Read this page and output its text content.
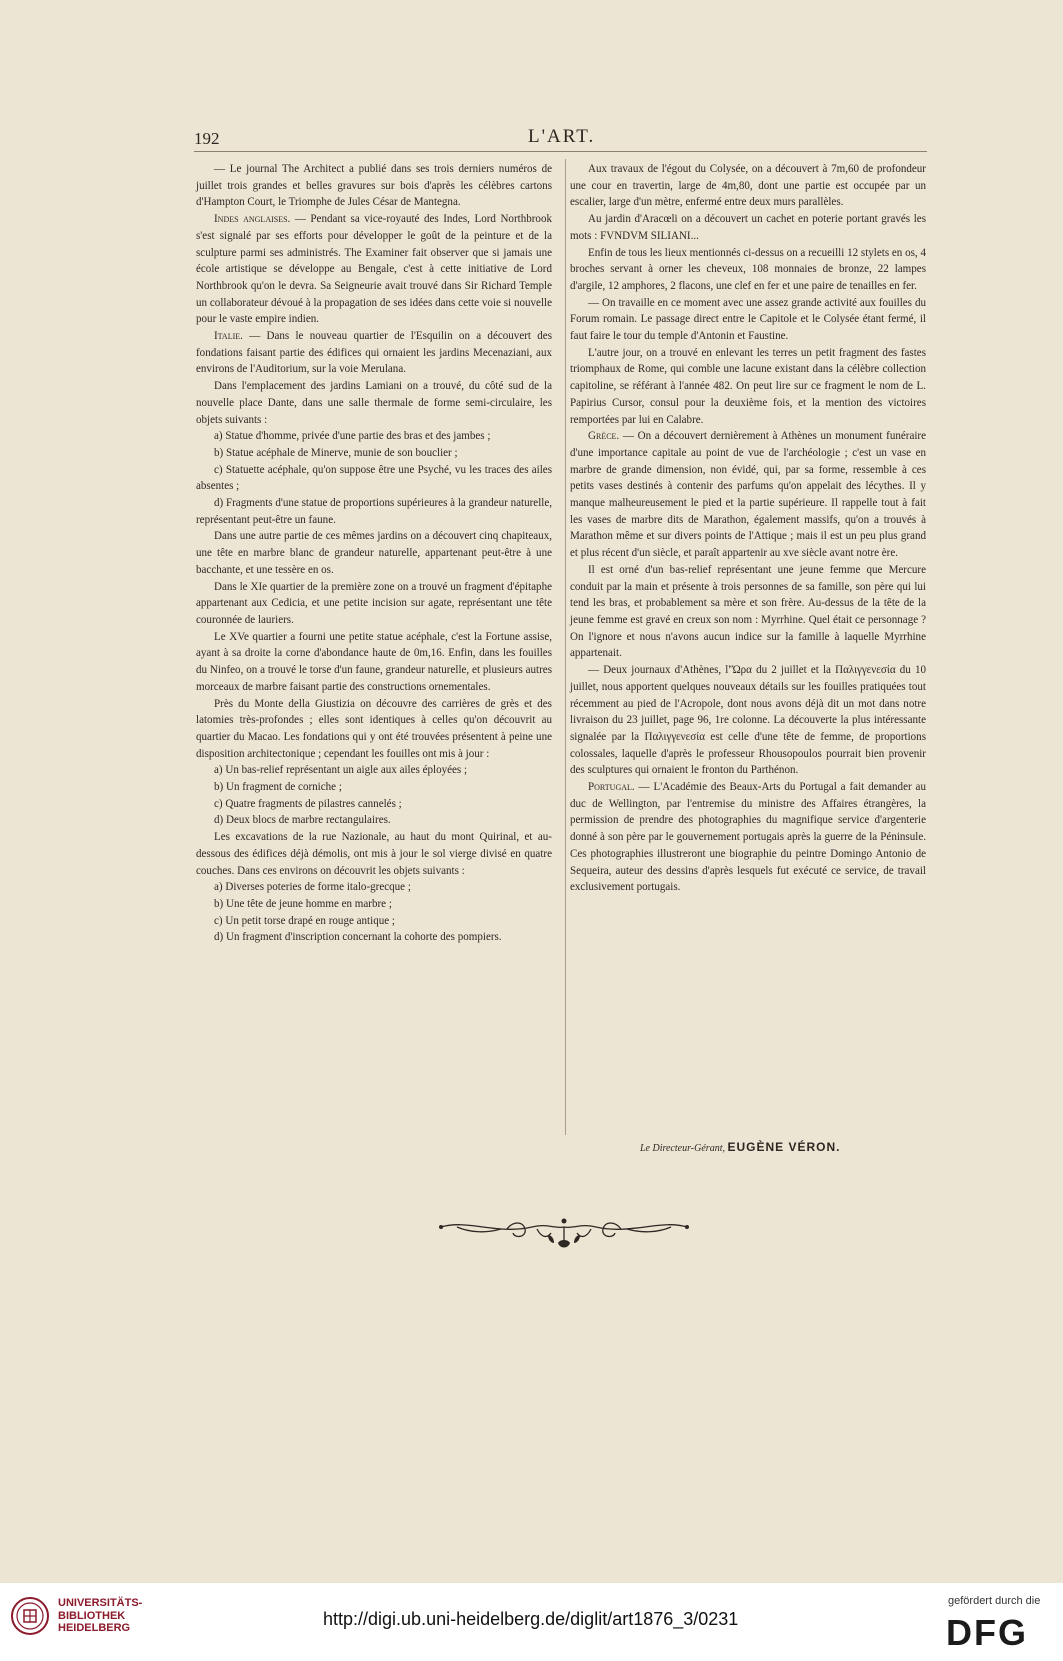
192	L'ART.

— Le journal The Architect a publié dans ses trois derniers numéros de juillet trois grandes et belles gravures sur bois d'après les célèbres cartons d'Hampton Court, le Triomphe de Jules César de Mantegna.

Indes anglaises. — Pendant sa vice-royauté des Indes, Lord Northbrook s'est signalé par ses efforts pour développer le goût de la peinture et de la sculpture parmi ses administrés. The Examiner fait observer que si jamais une école artistique se développe au Bengale, c'est à cette initiative de Lord Northbrook qu'on le devra. Sa Seigneurie avait trouvé dans Sir Richard Temple un collaborateur dévoué à la propagation de ses idées dans cette voie si nouvelle pour le vaste empire indien.

Italie. — Dans le nouveau quartier de l'Esquilin on a découvert des fondations faisant partie des édifices qui ornaient les jardins Mecenaziani, aux environs de l'Auditorium, sur la voie Merulana.

Dans l'emplacement des jardins Lamiani on a trouvé, du côté sud de la nouvelle place Dante, dans une salle thermale de forme semi-circulaire, les objets suivants :

a) Statue d'homme, privée d'une partie des bras et des jambes ;

b) Statue acéphale de Minerve, munie de son bouclier ;

c) Statuette acéphale, qu'on suppose être une Psyché, vu les traces des ailes absentes ;

d) Fragments d'une statue de proportions supérieures à la grandeur naturelle, représentant peut-être un faune.

Dans une autre partie de ces mêmes jardins on a découvert cinq chapiteaux, une tête en marbre blanc de grandeur naturelle, appartenant peut-être à une bacchante, et une tessère en os.

Dans le XIe quartier de la première zone on a trouvé un fragment d'épitaphe appartenant aux Cedicia, et une petite incision sur agate, représentant une tête couronnée de lauriers.

Le XVe quartier a fourni une petite statue acéphale, c'est la Fortune assise, ayant à sa droite la corne d'abondance haute de 0m,16. Enfin, dans les fouilles du Ninfeo, on a trouvé le torse d'un faune, grandeur naturelle, et plusieurs autres morceaux de marbre faisant partie des constructions ornementales.

Près du Monte della Giustizia on découvre des carrières de grès et des latomies très-profondes ; elles sont identiques à celles qu'on découvrit au quartier du Macao. Les fondations qui y ont été trouvées présentent à peine une disposition architectonique ; cependant les fouilles ont mis à jour :

a) Un bas-relief représentant un aigle aux ailes éployées ;

b) Un fragment de corniche ;

c) Quatre fragments de pilastres cannelés ;

d) Deux blocs de marbre rectangulaires.

Les excavations de la rue Nazionale, au haut du mont Quirinal, et au-dessous des édifices déjà démolis, ont mis à jour le sol vierge divisé en quatre couches. Dans ces environs on découvrit les objets suivants :

a) Diverses poteries de forme italo-grecque ;

b) Une tête de jeune homme en marbre ;

c) Un petit torse drapé en rouge antique ;

d) Un fragment d'inscription concernant la cohorte des pompiers.

Aux travaux de l'égout du Colysée, on a découvert à 7m,60 de profondeur une cour en travertin, large de 4m,80, dont une partie est occupée par un escalier, large d'un mètre, enfermé entre deux murs parallèles.

Au jardin d'Aracœli on a découvert un cachet en poterie portant gravés les mots : FVNDVM SILIANI...

Enfin de tous les lieux mentionnés ci-dessus on a recueilli 12 stylets en os, 4 broches servant à orner les cheveux, 108 monnaies de bronze, 22 lampes d'argile, 12 amphores, 2 flacons, une clef en fer et une paire de tenailles en fer.

— On travaille en ce moment avec une assez grande activité aux fouilles du Forum romain. Le passage direct entre le Capitole et le Colysée étant fermé, il faut faire le tour du temple d'Antonin et Faustine.

L'autre jour, on a trouvé en enlevant les terres un petit fragment des fastes triomphaux de Rome, qui comble une lacune existant dans la célèbre collection capitoline, se référant à l'année 482. On peut lire sur ce fragment le nom de L. Papirius Cursor, consul pour la deuxième fois, et la mention des victoires remportées par lui en Calabre.

Grèce. — On a découvert dernièrement à Athènes un monument funéraire d'une importance capitale au point de vue de l'archéologie ; c'est un vase en marbre de grande dimension, non évidé, qui, par sa forme, ressemble à ces petits vases destinés à contenir des parfums qu'on appelait des lécythes. Il y manque malheureusement le pied et la partie supérieure. Il rappelle tout à fait les vases de marbre dits de Marathon, également massifs, qu'on a trouvés à Marathon même et sur divers points de l'Attique ; mais il est un peu plus grand et plus récent d'un siècle, et paraît appartenir au xve siècle avant notre ère.

Il est orné d'un bas-relief représentant une jeune femme que Mercure conduit par la main et présente à trois personnes de sa famille, son père qui lui tend les bras, et probablement sa mère et son frère. Au-dessus de la tête de la jeune femme est gravé en creux son nom : Myrrhine. Quel était ce personnage ? On l'ignore et nous n'avons aucun indice sur la famille à laquelle Myrrhine appartenait.

— Deux journaux d'Athènes, l'Ὥρα du 2 juillet et la Παλιγγενεσία du 10 juillet, nous apportent quelques nouveaux détails sur les fouilles pratiquées tout récemment au pied de l'Acropole, dont nous avons déjà dit un mot dans notre livraison du 23 juillet, page 96, 1re colonne. La découverte la plus intéressante signalée par la Παλιγγενεσία est celle d'une tête de femme, de proportions colossales, laquelle d'après le professeur Rhousopoulos pourrait bien provenir des sculptures qui ornaient le fronton du Parthénon.

Portugal. — L'Académie des Beaux-Arts du Portugal a fait demander au duc de Wellington, par l'entremise du ministre des Affaires étrangères, la permission de prendre des photographies du magnifique service d'argenterie donné à son père par le gouvernement portugais après la guerre de la Péninsule. Ces photographies illustreront une biographie du peintre Domingo Antonio de Sequeira, auteur des dessins d'après lesquels fut exécuté ce service, de travail exclusivement portugais.

Le Directeur-Gérant, EUGÈNE VÉRON.
UNIVERSITÄTS-
BIBLIOTHEK
HEIDELBERG	http://digi.ub.uni-heidelberg.de/diglit/art1876_3/0231
gefördert durch die
DFG
